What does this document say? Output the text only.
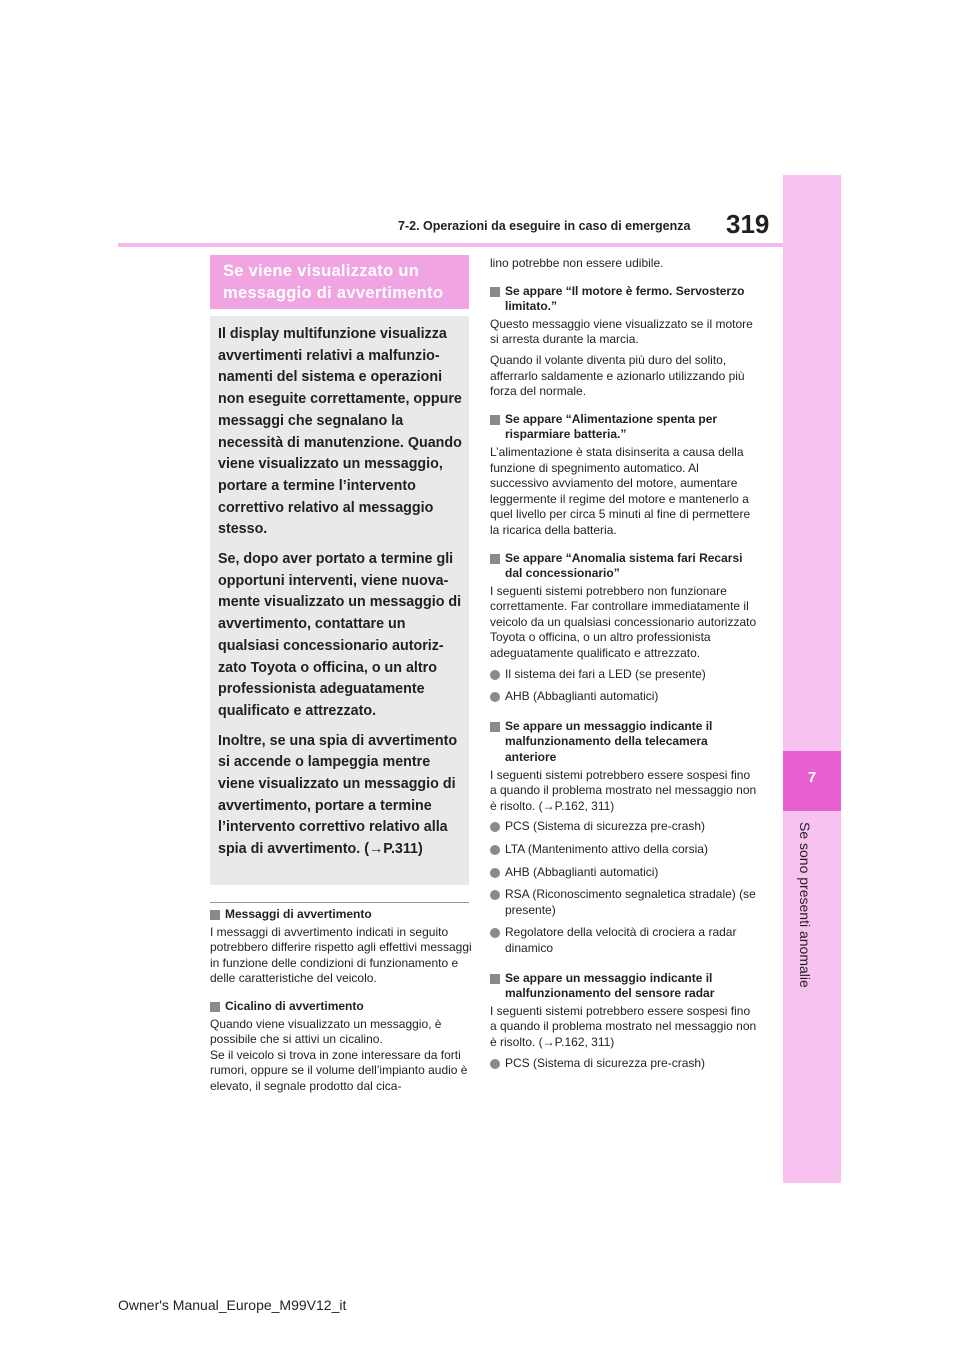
7
Se sono presenti anomalie
319
7-2. Operazioni da eseguire in caso di emergenza
Se viene visualizzato un
messaggio di avvertimento

Il display multifunzione visualizza avvertimenti relativi a malfunzionamenti del sistema e operazioni non eseguite correttamente, oppure messaggi che segnalano la necessità di manutenzione. Quando viene visualizzato un messaggio, portare a termine l’intervento correttivo relativo al messaggio stesso.

Se, dopo aver portato a termine gli opportuni interventi, viene nuovamente visualizzato un messaggio di avvertimento, contattare un qualsiasi concessionario autorizzato Toyota o officina, o un altro professionista adeguatamente qualificato e attrezzato.

Inoltre, se una spia di avvertimento si accende o lampeggia mentre viene visualizzato un messaggio di avvertimento, portare a termine l’intervento correttivo relativo alla spia di avvertimento. (→P.311)

Messaggi di avvertimento

I messaggi di avvertimento indicati in seguito potrebbero differire rispetto agli effettivi messaggi in funzione delle condizioni di funzionamento e delle caratteristiche del veicolo.

Cicalino di avvertimento

Quando viene visualizzato un messaggio, è possibile che si attivi un cicalino.

Se il veicolo si trova in zone interessare da forti rumori, oppure se il volume dell’impianto audio è elevato, il segnale prodotto dal cica-

lino potrebbe non essere udibile.

Se appare “Il motore è fermo. Servosterzo limitato.”

Questo messaggio viene visualizzato se il motore si arresta durante la marcia.

Quando il volante diventa più duro del solito, afferrarlo saldamente e azionarlo utilizzando più forza del normale.

Se appare “Alimentazione spenta per risparmiare batteria.”

L’alimentazione è stata disinserita a causa della funzione di spegnimento automatico. Al successivo avviamento del motore, aumentare leggermente il regime del motore e mantenerlo a quel livello per circa 5 minuti al fine di permettere la ricarica della batteria.

Se appare “Anomalia sistema fari Recarsi dal concessionario”

I seguenti sistemi potrebbero non funzionare correttamente. Far controllare immediatamente il veicolo da un qualsiasi concessionario autorizzato Toyota o officina, o un altro professionista adeguatamente qualificato e attrezzato.

Il sistema dei fari a LED (se presente)
AHB (Abbaglianti automatici)
Se appare un messaggio indicante il malfunzionamento della telecamera anteriore

I seguenti sistemi potrebbero essere sospesi fino a quando il problema mostrato nel messaggio non è risolto. (→P.162, 311)

PCS (Sistema di sicurezza pre-crash)
LTA (Mantenimento attivo della corsia)
AHB (Abbaglianti automatici)
RSA (Riconoscimento segnaletica stradale) (se presente)
Regolatore della velocità di crociera a radar dinamico
Se appare un messaggio indicante il malfunzionamento del sensore radar

I seguenti sistemi potrebbero essere sospesi fino a quando il problema mostrato nel messaggio non è risolto. (→P.162, 311)

PCS (Sistema di sicurezza pre-crash)
Owner's Manual_Europe_M99V12_it
